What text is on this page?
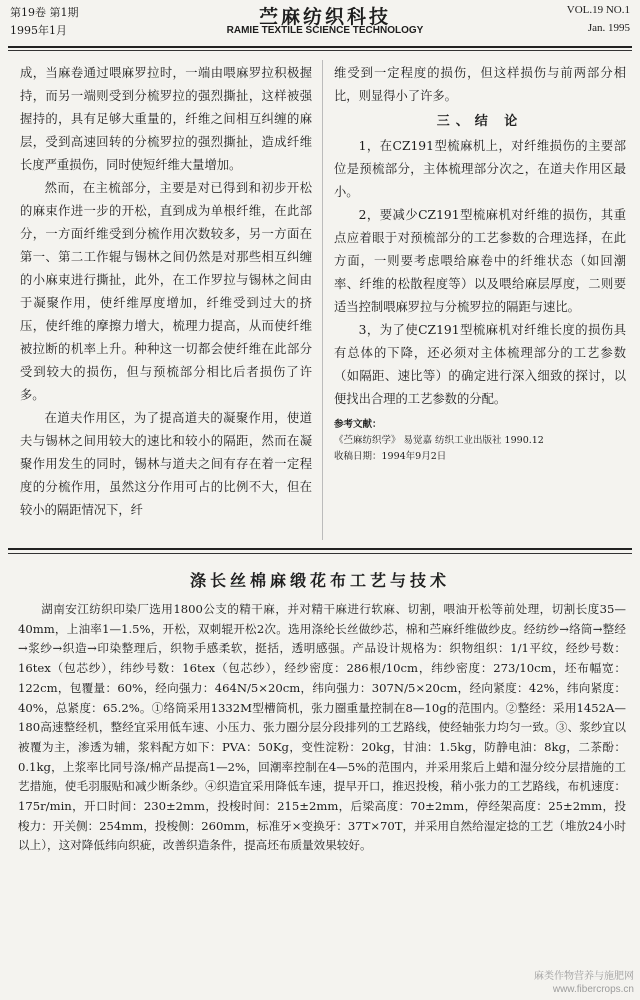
第19卷 第1期
1995年1月
苎麻纺织科技
RAMIE TEXTILE SCIENCE TECHNOLOGY
VOL.19 NO.1
Jan. 1995

成，当麻卷通过喂麻罗拉时，一端由喂麻罗拉积极握持，而另一端则受到分梳罗拉的强烈撕扯，这样被强握持的，具有足够大重量的，纤维之间相互纠缠的麻层，受到高速回转的分梳罗拉的强烈撕扯，造成纤维长度严重损伤，同时使短纤维大量增加。

然而，在主梳部分，主要是对已得到和初步开松的麻束作进一步的开松，直到成为单根纤维，在此部分，一方面纤维受到分梳作用次数较多，另一方面在第一、第二工作辊与锡林之间仍然是对那些相互纠缠的小麻束进行撕扯，此外，在工作罗拉与锡林之间由于凝聚作用，使纤维厚度增加，纤维受到过大的挤压，使纤维的摩擦力增大，梳理力提高，从而使纤维被拉断的机率上升。种种这一切都会使纤维在此部分受到较大的损伤，但与预梳部分相比后者损伤了许多。

在道夫作用区，为了提高道夫的凝聚作用，使道夫与锡林之间用较大的速比和较小的隔距，然而在凝聚作用发生的同时，锡林与道夫之间有存在着一定程度的分梳作用，虽然这分作用可占的比例不大，但在较小的隔距情况下，纤

维受到一定程度的损伤，但这样损伤与前两部分相比，则显得小了许多。

三、结 论

1，在CZ191型梳麻机上，对纤维损伤的主要部位是预梳部分，主体梳理部分次之，在道夫作用区最小。

2，要减少CZ191型梳麻机对纤维的损伤，其重点应着眼于对预梳部分的工艺参数的合理选择，在此方面，一则要考虑喂给麻卷中的纤维状态（如回潮率、纤维的松散程度等）以及喂给麻层厚度，二则要适当控制喂麻罗拉与分梳罗拉的隔距与速比。

3，为了使CZ191型梳麻机对纤维长度的损伤具有总体的下降，还必须对主体梳理部分的工艺参数（如隔距、速比等）的确定进行深入细致的探讨，以便找出合理的工艺参数的分配。

参考文献：
《苎麻纺织学》 易觉嘉 纺织工业出版社 1990.12
收稿日期：1994年9月2日
涤长丝棉麻缎花布工艺与技术

湖南安江纺织印染厂选用1800公支的精干麻，并对精干麻进行软麻、切割，喂油开松等前处理，切割长度35—40mm，上油率1—1.5%，开松，双刺辊开松2次。选用涤纶长丝做纱芯，棉和苎麻纤维做纱皮。经纺纱→络筒→整经→浆纱→织造→印染整理后，织物手感柔软，挺括，透明感强。产品设计规格为：织物组织：1/1平纹，经纱号数：16tex（包芯纱），纬纱号数：16tex（包芯纱），经纱密度：286根/10cm，纬纱密度：273/10cm，坯布幅宽：122cm，包覆量：60%，经向强力：464N/5×20cm，纬向强力：307N/5×20cm，经向紧度：42%，纬向紧度：40%，总紧度：65.2%。①络筒采用1332M型槽筒机，张力圈重量控制在8—10g的范围内。②整经：采用1452A—180高速整经机，整经宜采用低车速、小压力、张力圈分层分段排列的工艺路线，使经轴张力均匀一致。③、浆纱宜以被覆为主，渗透为辅，浆料配方如下：PVA：50Kg，变性淀粉：20kg，甘油：1.5kg，防静电油：8kg，二茶酚：0.1kg，上浆率比同号涤/棉产品提高1—2%，回潮率控制在4—5%的范围内，并采用浆后上蜡和湿分绞分层措施的工艺措施，使毛羽服贴和减少断条纱。④织造宜采用降低车速，提早开口，推迟投梭，稍小张力的工艺路线，布机速度：175r/min，开口时间：230±2mm，投梭时间：215±2mm，后梁高度：70±2mm，停经架高度：25±2mm，投梭力：开关侧：254mm，投梭侧：260mm，标准牙×变换牙：37T×70T，并采用自然给湿定捻的工艺（堆放24小时以上），这对降低纬向织疵，改善织造条件，提高坯布质量效果较好。

麻类作物营养与施肥网
www.fibercrops.cn
